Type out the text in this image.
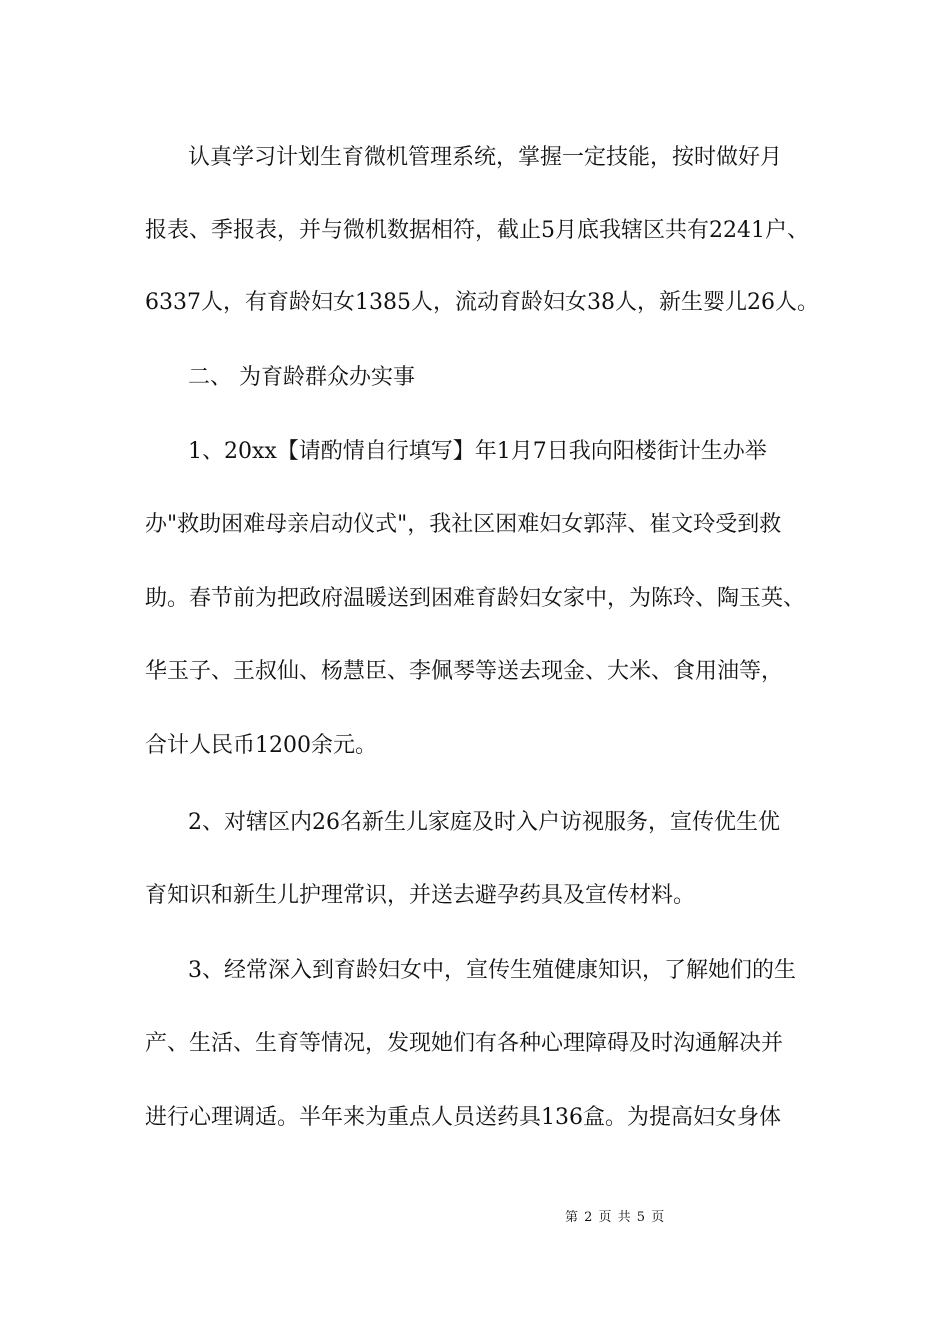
认真学习计划生育微机管理系统，掌握一定技能，按时做好月
报表、季报表，并与微机数据相符，截止5月底我辖区共有2241户、
6337人，有育龄妇女1385人，流动育龄妇女38人，新生婴儿26人。
二、 为育龄群众办实事
1、20xx【请酌情自行填写】年1月7日我向阳楼街计生办举
办"救助困难母亲启动仪式"，我社区困难妇女郭萍、崔文玲受到救
助。春节前为把政府温暖送到困难育龄妇女家中，为陈玲、陶玉英、
华玉子、王叔仙、杨慧臣、李佩琴等送去现金、大米、食用油等，
合计人民币1200余元。
2、对辖区内26名新生儿家庭及时入户访视服务，宣传优生优
育知识和新生儿护理常识，并送去避孕药具及宣传材料。
3、经常深入到育龄妇女中，宣传生殖健康知识，了解她们的生
产、生活、生育等情况，发现她们有各种心理障碍及时沟通解决并
进行心理调适。半年来为重点人员送药具136盒。为提高妇女身体
第 2 页 共 5 页
